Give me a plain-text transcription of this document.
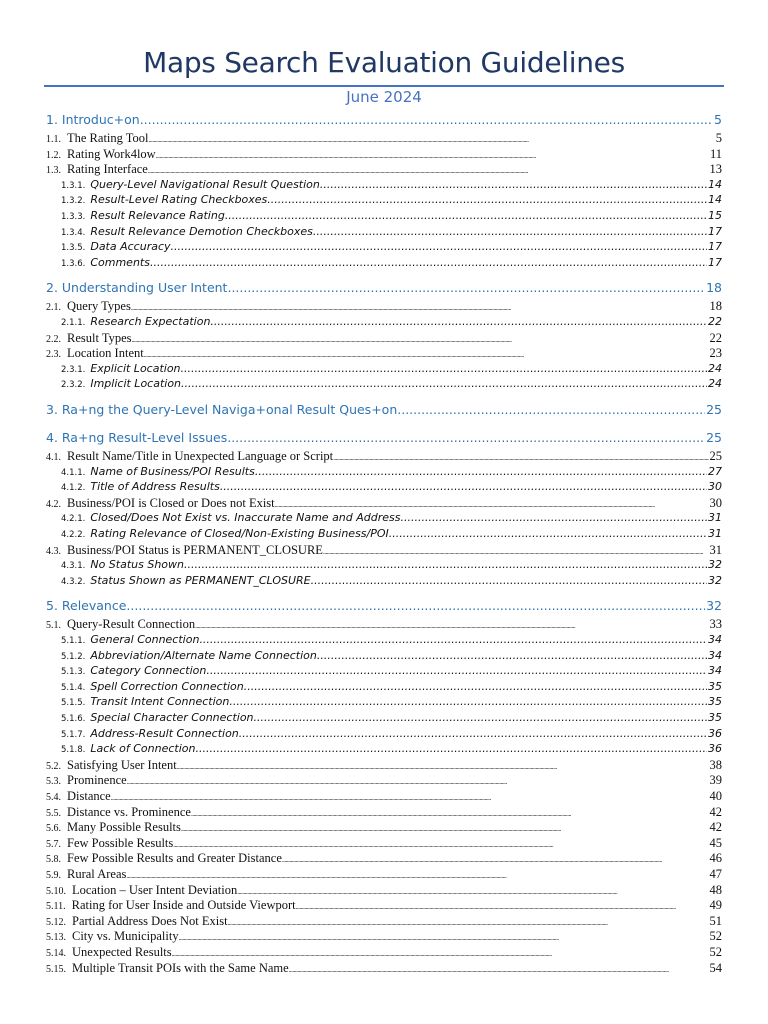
Maps Search Evaluation Guidelines
June 2024
1. Introduc+on .....	5
1.1. The Rating Tool .....	5
1.2. Rating Work4low .....	11
1.3. Rating Interface .....	13
1.3.1. Query-Level Navigational Result Question .....	14
1.3.2. Result-Level Rating Checkboxes .....	14
1.3.3. Result Relevance Rating .....	15
1.3.4. Result Relevance Demotion Checkboxes .....	17
1.3.5. Data Accuracy .....	17
1.3.6. Comments .....	17
2. Understanding User Intent .....	18
2.1. Query Types .....	18
2.1.1. Research Expectation .....	22
2.2. Result Types .....	22
2.3. Location Intent .....	23
2.3.1. Explicit Location .....	24
2.3.2. Implicit Location .....	24
3. Ra+ng the Query-Level Naviga+onal Result Ques+on .....	25
4. Ra+ng Result-Level Issues .....	25
4.1. Result Name/Title in Unexpected Language or Script .....	25
4.1.1. Name of Business/POI Results .....	27
4.1.2. Title of Address Results .....	30
4.2. Business/POI is Closed or Does not Exist .....	30
4.2.1. Closed/Does Not Exist vs. Inaccurate Name and Address .....	31
4.2.2. Rating Relevance of Closed/Non-Existing Business/POI .....	31
4.3. Business/POI Status is PERMANENT_CLOSURE .....	31
4.3.1. No Status Shown .....	32
4.3.2. Status Shown as PERMANENT_CLOSURE .....	32
5. Relevance .....	32
5.1. Query-Result Connection .....	33
5.1.1. General Connection .....	34
5.1.2. Abbreviation/Alternate Name Connection .....	34
5.1.3. Category Connection .....	34
5.1.4. Spell Correction Connection .....	35
5.1.5. Transit Intent Connection .....	35
5.1.6. Special Character Connection .....	35
5.1.7. Address-Result Connection .....	36
5.1.8. Lack of Connection .....	36
5.2. Satisfying User Intent .....	38
5.3. Prominence .....	39
5.4. Distance .....	40
5.5. Distance vs. Prominence .....	42
5.6. Many Possible Results .....	42
5.7. Few Possible Results .....	45
5.8. Few Possible Results and Greater Distance .....	46
5.9. Rural Areas .....	47
5.10. Location – User Intent Deviation .....	48
5.11. Rating for User Inside and Outside Viewport .....	49
5.12. Partial Address Does Not Exist .....	51
5.13. City vs. Municipality .....	52
5.14. Unexpected Results .....	52
5.15. Multiple Transit POIs with the Same Name .....	54
